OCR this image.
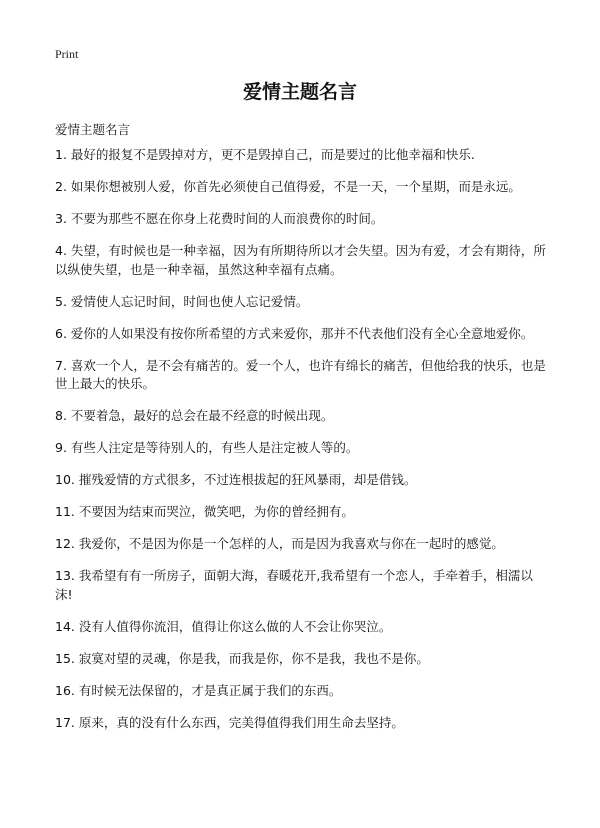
Print
爱情主题名言

爱情主题名言

1. 最好的报复不是毁掉对方，更不是毁掉自己，而是要过的比他幸福和快乐.
2. 如果你想被别人爱，你首先必须使自己值得爱，不是一天，一个星期，而是永远。
3. 不要为那些不愿在你身上花费时间的人而浪费你的时间。
4. 失望，有时候也是一种幸福，因为有所期待所以才会失望。因为有爱，才会有期待，所以纵使失望，也是一种幸福，虽然这种幸福有点痛。
5. 爱情使人忘记时间，时间也使人忘记爱情。
6. 爱你的人如果没有按你所希望的方式来爱你，那并不代表他们没有全心全意地爱你。
7. 喜欢一个人，是不会有痛苦的。爱一个人，也许有绵长的痛苦，但他给我的快乐，也是世上最大的快乐。
8. 不要着急，最好的总会在最不经意的时候出现。
9. 有些人注定是等待别人的，有些人是注定被人等的。
10. 摧残爱情的方式很多，不过连根拔起的狂风暴雨，却是借钱。
11. 不要因为结束而哭泣，微笑吧，为你的曾经拥有。
12. 我爱你，不是因为你是一个怎样的人，而是因为我喜欢与你在一起时的感觉。
13. 我希望有有一所房子，面朝大海，春暖花开,我希望有一个恋人，手牵着手，相濡以沫!
14. 没有人值得你流泪，值得让你这么做的人不会让你哭泣。
15. 寂寞对望的灵魂，你是我，而我是你，你不是我，我也不是你。
16. 有时候无法保留的，才是真正属于我们的东西。
17. 原来，真的没有什么东西，完美得值得我们用生命去坚持。
